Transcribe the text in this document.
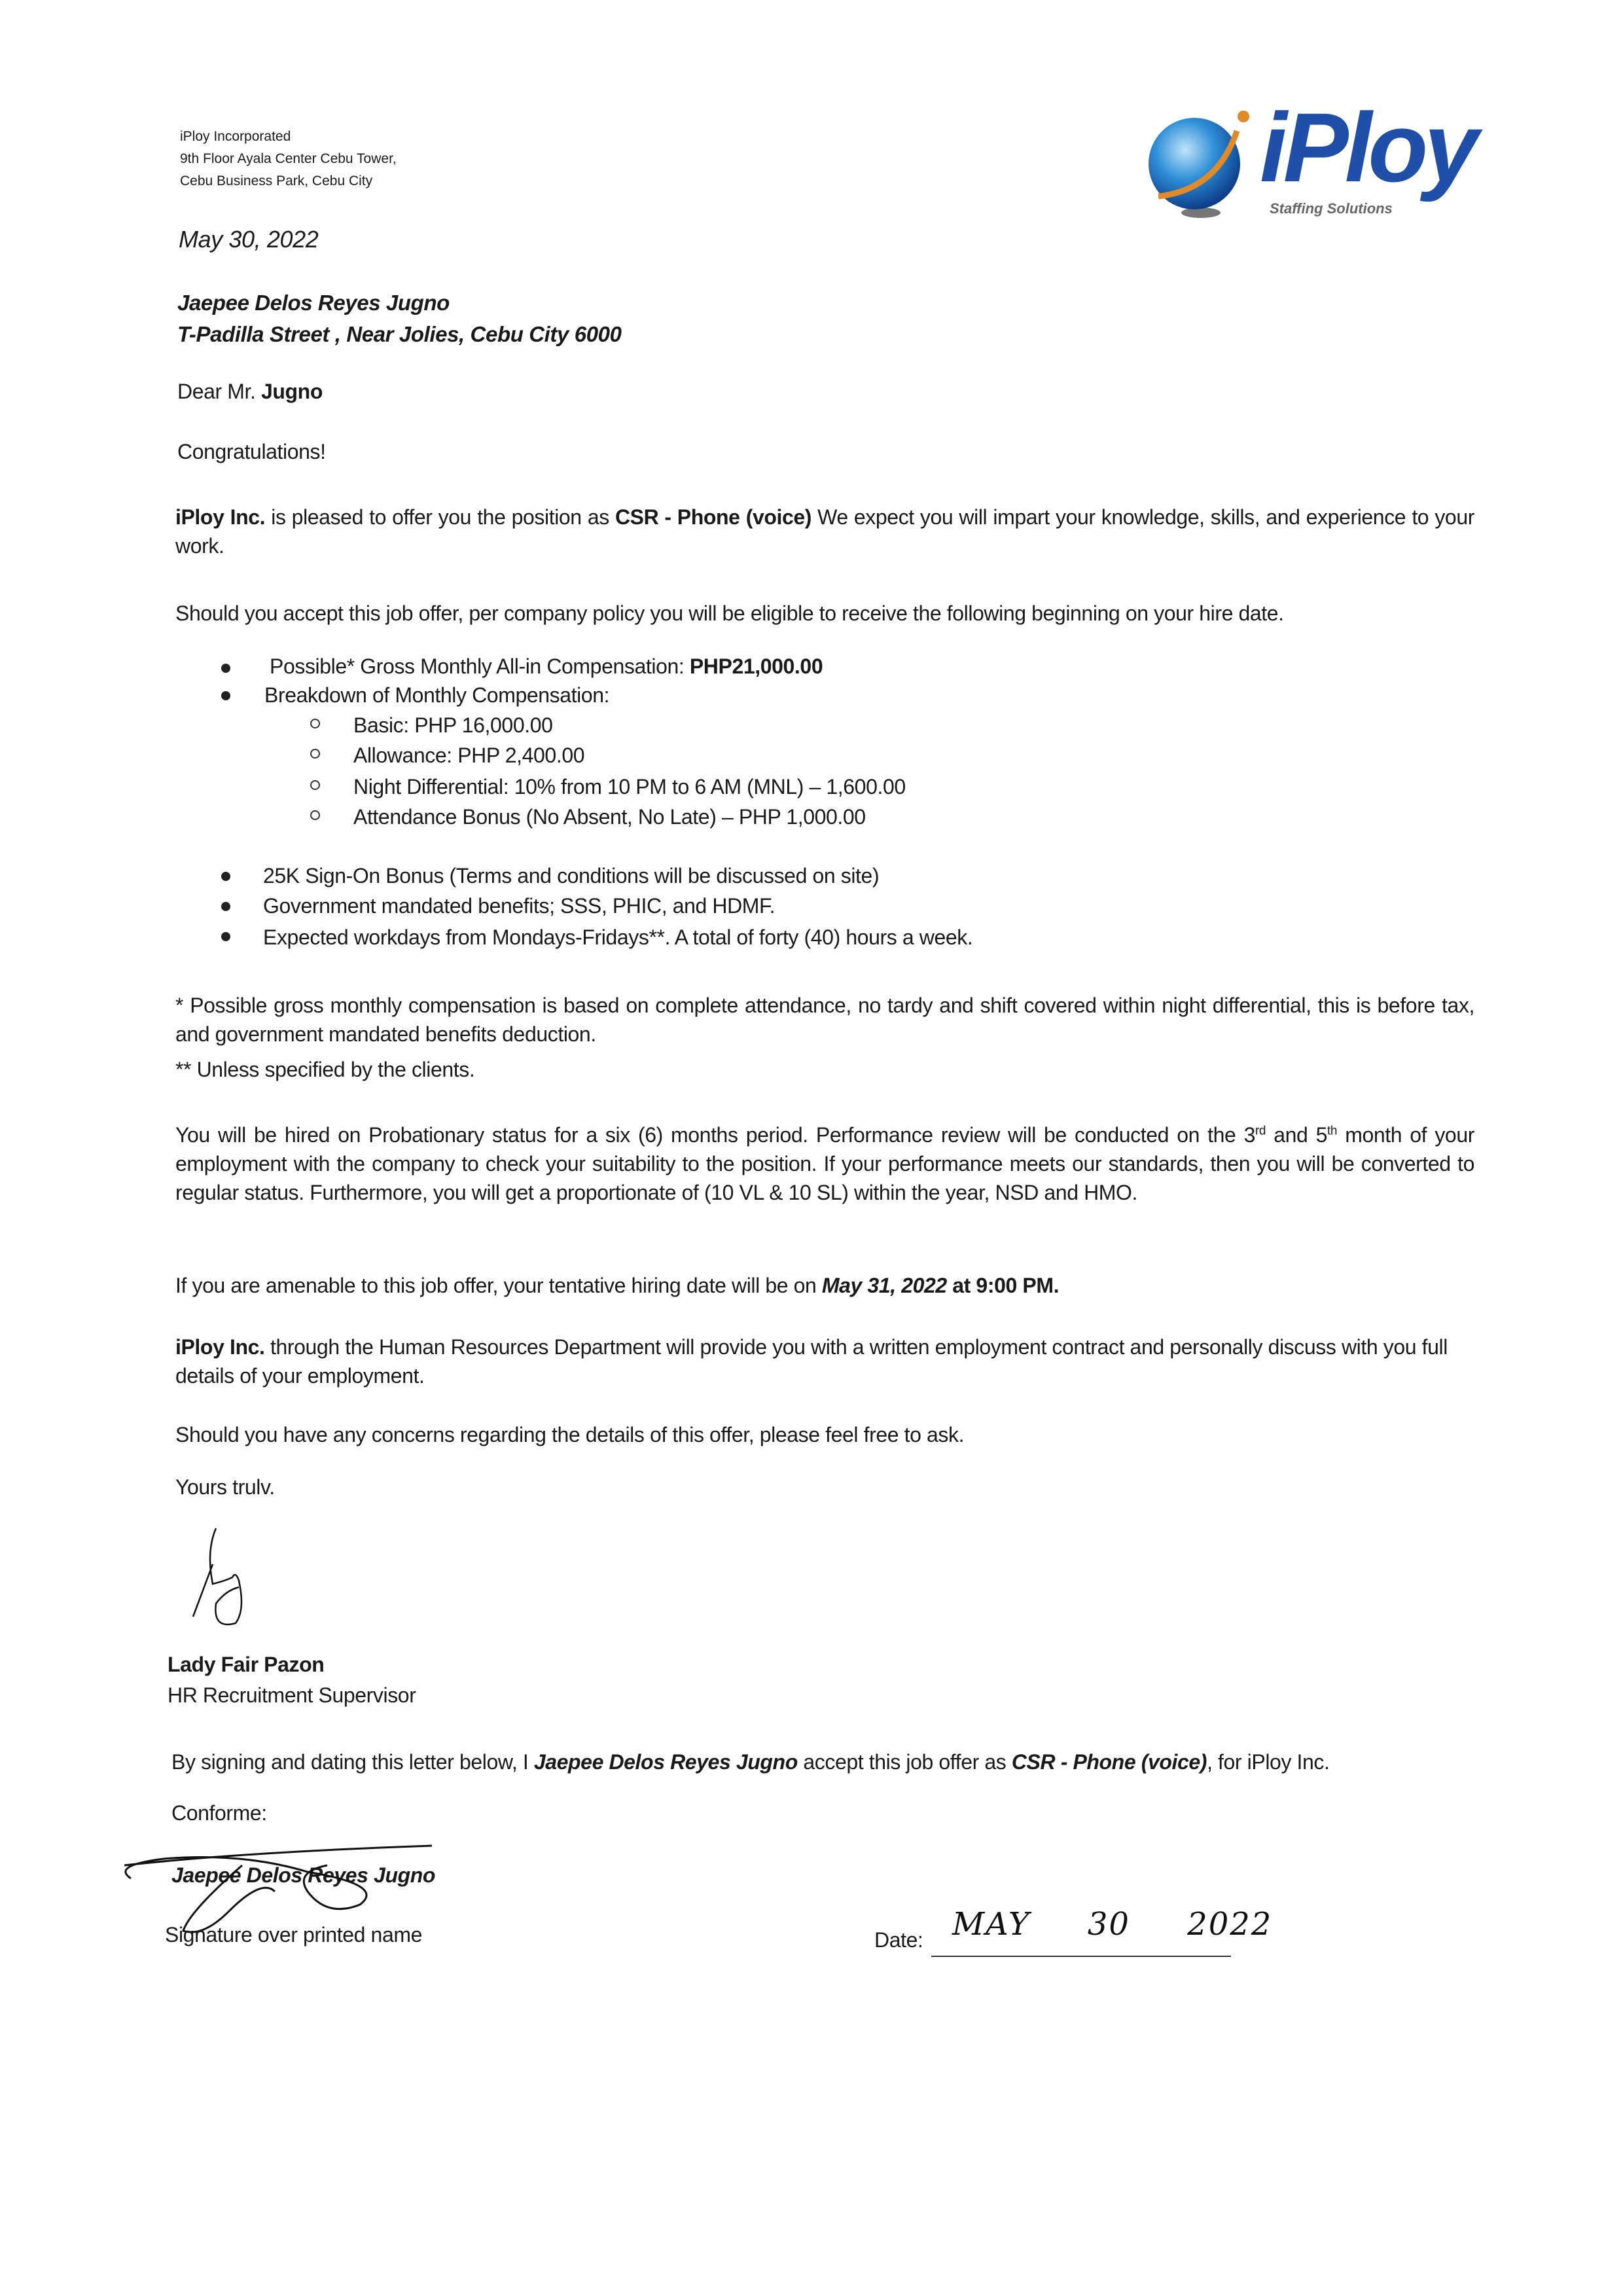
iPloy Incorporated
9th Floor Ayala Center Cebu Tower,
Cebu Business Park, Cebu City	iPloy
Staffing Solutions
May 30, 2022
Jaepee Delos Reyes Jugno
T-Padilla Street , Near Jolies, Cebu City 6000
Dear Mr. Jugno
Congratulations!
iPloy Inc. is pleased to offer you the position as CSR - Phone (voice) We expect you will impart your knowledge, skills, and experience to your work.
Should you accept this job offer, per company policy you will be eligible to receive the following beginning on your hire date.
Possible* Gross Monthly All-in Compensation: PHP21,000.00
Breakdown of Monthly Compensation:
Basic: PHP 16,000.00
Allowance: PHP 2,400.00
Night Differential: 10% from 10 PM to 6 AM (MNL) – 1,600.00
Attendance Bonus (No Absent, No Late) – PHP 1,000.00
25K Sign-On Bonus (Terms and conditions will be discussed on site)
Government mandated benefits; SSS, PHIC, and HDMF.
Expected workdays from Mondays-Fridays**. A total of forty (40) hours a week.
* Possible gross monthly compensation is based on complete attendance, no tardy and shift covered within night differential, this is before tax, and government mandated benefits deduction.
** Unless specified by the clients.
You will be hired on Probationary status for a six (6) months period. Performance review will be conducted on the 3rd and 5th month of your employment with the company to check your suitability to the position. If your performance meets our standards, then you will be converted to regular status. Furthermore, you will get a proportionate of (10 VL & 10 SL) within the year, NSD and HMO.
If you are amenable to this job offer, your tentative hiring date will be on May 31, 2022 at 9:00 PM.
iPloy Inc. through the Human Resources Department will provide you with a written employment contract and personally discuss with you full details of your employment.
Should you have any concerns regarding the details of this offer, please feel free to ask.
Yours trulv.
Lady Fair Pazon
HR Recruitment Supervisor
By signing and dating this letter below, I Jaepee Delos Reyes Jugno accept this job offer as CSR - Phone (voice), for iPloy Inc.
Conforme:
Jaepee Delos Reyes Jugno
Signature over printed name	Date: MAY 30 2022
